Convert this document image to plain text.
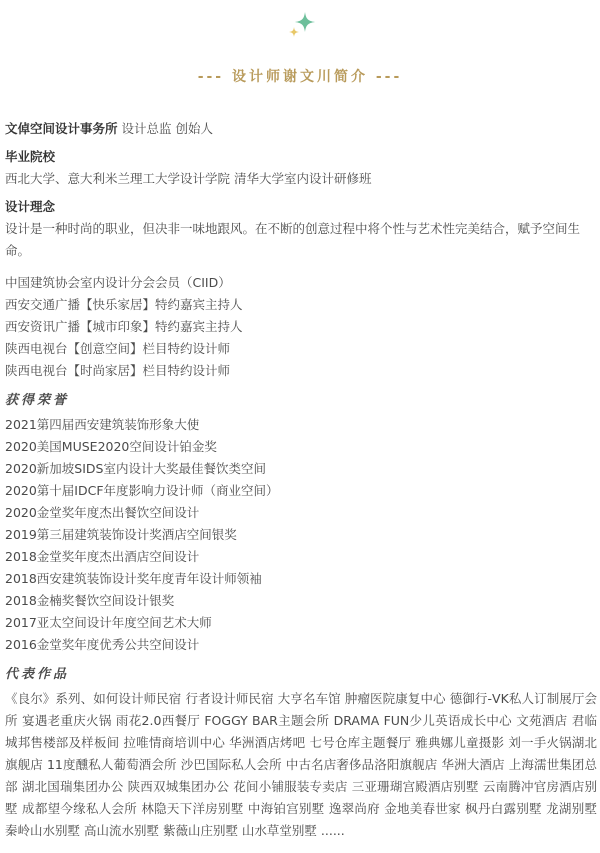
--- 设计师谢文川简介 ---
文倬空间设计事务所 设计总监 创始人
毕业院校
西北大学、意大利米兰理工大学设计学院 清华大学室内设计研修班
设计理念
设计是一种时尚的职业，但决非一味地跟风。在不断的创意过程中将个性与艺术性完美结合，赋予空间生命。
中国建筑协会室内设计分会会员（CIID）
西安交通广播【快乐家居】特约嘉宾主持人
西安资讯广播【城市印象】特约嘉宾主持人
陕西电视台【创意空间】栏目特约设计师
陕西电视台【时尚家居】栏目特约设计师
获得荣誉
2021第四届西安建筑装饰形象大使
2020美国MUSE2020空间设计铂金奖
2020新加坡SIDS室内设计大奖最佳餐饮类空间
2020第十届IDCF年度影响力设计师（商业空间）
2020金堂奖年度杰出餐饮空间设计
2019第三届建筑装饰设计奖酒店空间银奖
2018金堂奖年度杰出酒店空间设计
2018西安建筑装饰设计奖年度青年设计师领袖
2018金楠奖餐饮空间设计银奖
2017亚太空间设计年度空间艺术大师
2016金堂奖年度优秀公共空间设计
代表作品
《良尔》系列、如何设计师民宿 行者设计师民宿 大亨名车馆 肿瘤医院康复中心 德御行-VK私人订制展厅会所 宴遇老重庆火锅 雨花2.0西餐厅 FOGGY BAR主题会所 DRAMA FUN少儿英语成长中心 文苑酒店 君临城邦售楼部及样板间 拉唯情商培训中心 华洲酒店烤吧 七号仓库主题餐厅 雅典娜儿童摄影 刘一手火锅湖北旗舰店 11度醺私人葡萄酒会所 沙巴国际私人会所 中古名店奢侈品洛阳旗舰店 华洲大酒店 上海濡世集团总部 湖北国瑞集团办公 陕西双城集团办公 花间小铺服装专卖店 三亚珊瑚宫殿酒店别墅 云南腾冲官房酒店别墅 成都望今缘私人会所 林隐天下洋房别墅 中海铂宫别墅 逸翠尚府 金地美春世家 枫丹白露别墅 龙湖别墅 秦岭山水别墅 高山流水别墅 紫薇山庄别墅 山水草堂别墅 ......
